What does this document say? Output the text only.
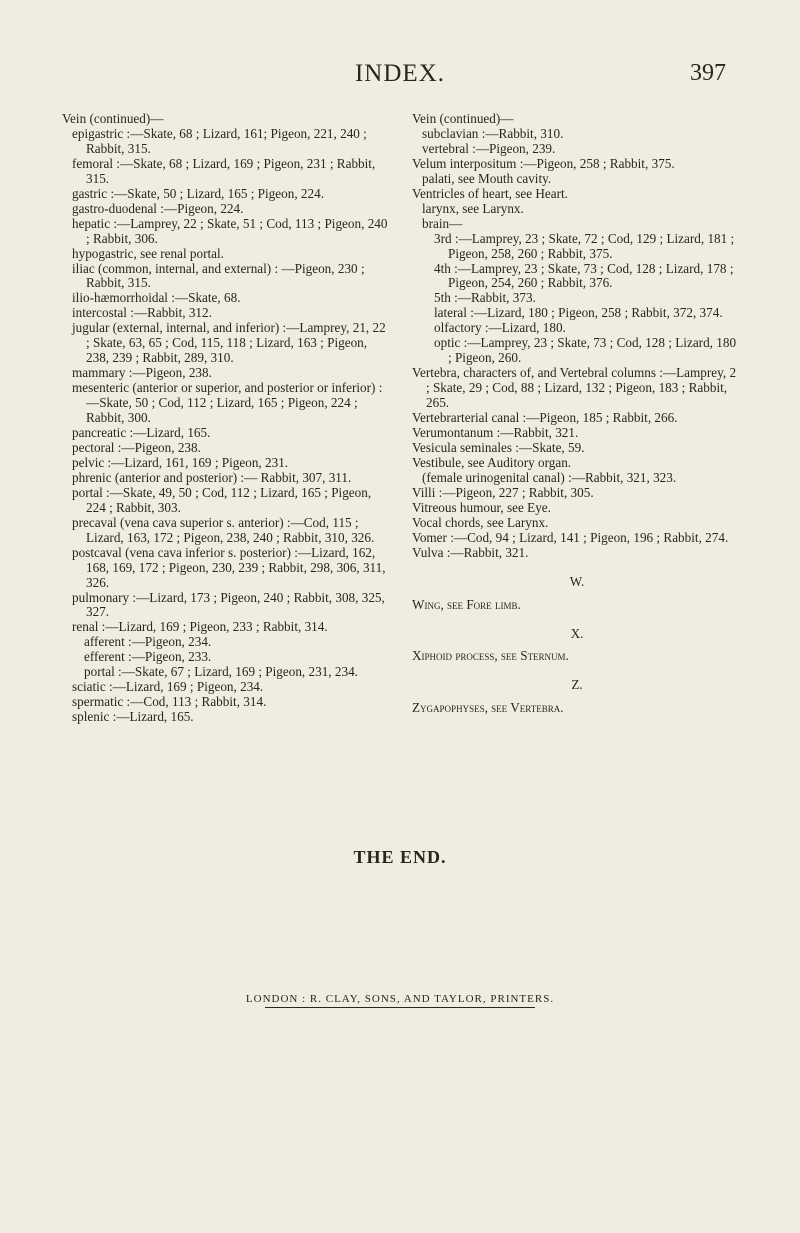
INDEX.	397

Vein (continued)—

epigastric :—Skate, 68 ; Lizard, 161; Pigeon, 221, 240 ; Rabbit, 315.

femoral :—Skate, 68 ; Lizard, 169 ; Pigeon, 231 ; Rabbit, 315.

gastric :—Skate, 50 ; Lizard, 165 ; Pigeon, 224.

gastro-duodenal :—Pigeon, 224.

hepatic :—Lamprey, 22 ; Skate, 51 ; Cod, 113 ; Pigeon, 240 ; Rabbit, 306.

hypogastric, see renal portal.

iliac (common, internal, and external) : —Pigeon, 230 ; Rabbit, 315.

ilio-hæmorrhoidal :—Skate, 68.

intercostal :—Rabbit, 312.

jugular (external, internal, and inferior) :—Lamprey, 21, 22 ; Skate, 63, 65 ; Cod, 115, 118 ; Lizard, 163 ; Pigeon, 238, 239 ; Rabbit, 289, 310.

mammary :—Pigeon, 238.

mesenteric (anterior or superior, and posterior or inferior) :—Skate, 50 ; Cod, 112 ; Lizard, 165 ; Pigeon, 224 ; Rabbit, 300.

pancreatic :—Lizard, 165.

pectoral :—Pigeon, 238.

pelvic :—Lizard, 161, 169 ; Pigeon, 231.

phrenic (anterior and posterior) :— Rabbit, 307, 311.

portal :—Skate, 49, 50 ; Cod, 112 ; Lizard, 165 ; Pigeon, 224 ; Rabbit, 303.

precaval (vena cava superior s. anterior) :—Cod, 115 ; Lizard, 163, 172 ; Pigeon, 238, 240 ; Rabbit, 310, 326.

postcaval (vena cava inferior s. posterior) :—Lizard, 162, 168, 169, 172 ; Pigeon, 230, 239 ; Rabbit, 298, 306, 311, 326.

pulmonary :—Lizard, 173 ; Pigeon, 240 ; Rabbit, 308, 325, 327.

renal :—Lizard, 169 ; Pigeon, 233 ; Rabbit, 314.

afferent :—Pigeon, 234.

efferent :—Pigeon, 233.

portal :—Skate, 67 ; Lizard, 169 ; Pigeon, 231, 234.

sciatic :—Lizard, 169 ; Pigeon, 234.

spermatic :—Cod, 113 ; Rabbit, 314.

splenic :—Lizard, 165.

Vein (continued)—

subclavian :—Rabbit, 310.

vertebral :—Pigeon, 239.

Velum interpositum :—Pigeon, 258 ; Rabbit, 375.

palati, see Mouth cavity.

Ventricles of heart, see Heart.

larynx, see Larynx.

brain—

3rd :—Lamprey, 23 ; Skate, 72 ; Cod, 129 ; Lizard, 181 ; Pigeon, 258, 260 ; Rabbit, 375.

4th :—Lamprey, 23 ; Skate, 73 ; Cod, 128 ; Lizard, 178 ; Pigeon, 254, 260 ; Rabbit, 376.

5th :—Rabbit, 373.

lateral :—Lizard, 180 ; Pigeon, 258 ; Rabbit, 372, 374.

olfactory :—Lizard, 180.

optic :—Lamprey, 23 ; Skate, 73 ; Cod, 128 ; Lizard, 180 ; Pigeon, 260.

Vertebra, characters of, and Vertebral columns :—Lamprey, 2 ; Skate, 29 ; Cod, 88 ; Lizard, 132 ; Pigeon, 183 ; Rabbit, 265.

Vertebrarterial canal :—Pigeon, 185 ; Rabbit, 266.

Verumontanum :—Rabbit, 321.

Vesicula seminales :—Skate, 59.

Vestibule, see Auditory organ.

(female urinogenital canal) :—Rabbit, 321, 323.

Villi :—Pigeon, 227 ; Rabbit, 305.

Vitreous humour, see Eye.

Vocal chords, see Larynx.

Vomer :—Cod, 94 ; Lizard, 141 ; Pigeon, 196 ; Rabbit, 274.

Vulva :—Rabbit, 321.

W.

Wing, see Fore limb.

X.

Xiphoid process, see Sternum.

Z.

Zygapophyses, see Vertebra.

THE END.
LONDON : R. CLAY, SONS, AND TAYLOR, PRINTERS.
